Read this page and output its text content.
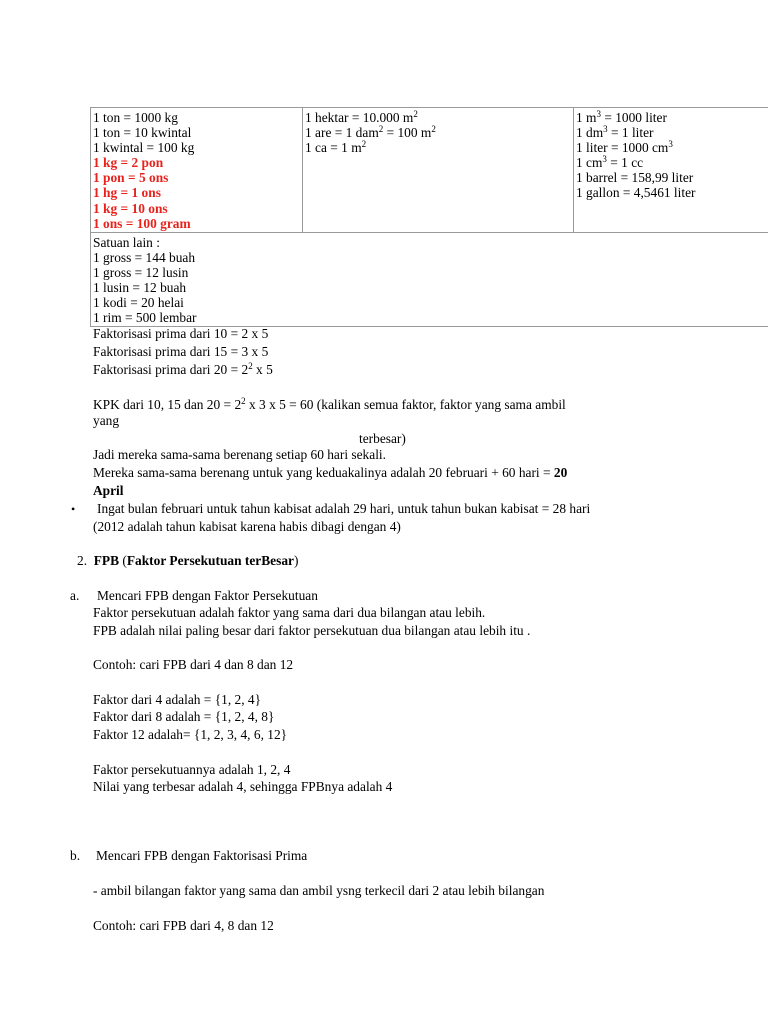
1 ton = 1000 kg
1 ton = 10 kwintal
1 kwintal = 100 kg
1 kg = 2 pon
1 pon = 5 ons
1 hg = 1 ons
1 kg = 10 ons
1 ons = 100 gram

1 hektar = 10.000 $m^2$
1 are = 1 dam$^2$ = 100 $m^2$
1 ca = 1 $m^2$

1 $m^3 = 1000$ liter
1 $dm^3 = 1$ liter
1 liter = 1000 $cm^3$
1 $cm^3 = 1$ cc
1 barrel = 158,99 liter
1 gallon = 4,5461 liter

Satuan lain :
1 gross = 144 buah
1 gross = 12 lusin
1 lusin = 12 buah
1 kodi = 20 helai
1 rim = 500 lembar
Faktorisasi prima dari 10 = 2 x 5
Faktorisasi prima dari 15 = 3 x 5
Faktorisasi prima dari $20 = 2^2$ x 5
KPK dari 10, 15 dan $20 = 2^2$ x 3 x 5 = 60 (kalikan semua faktor, faktor yang sama ambil
yang
terbesar)
Jadi mereka sama-sama berenang setiap 60 hari sekali.
Mereka sama-sama berenang untuk yang keduakalinya adalah 20 februari + 60 hari = 20
April
• Ingat bulan februari untuk tahun kabisat adalah 29 hari, untuk tahun bukan kabisat = 28 hari
(2012 adalah tahun kabisat karena habis dibagi dengan 4)
2. FPB (Faktor Persekutuan terBesar)
a. Mencari FPB dengan Faktor Persekutuan
Faktor persekutuan adalah faktor yang sama dari dua bilangan atau lebih.
FPB adalah nilai paling besar dari faktor persekutuan dua bilangan atau lebih itu .
Contoh: cari FPB dari 4 dan 8 dan 12
Faktor dari 4 adalah = {1, 2, 4}
Faktor dari 8 adalah = {1, 2, 4, 8}
Faktor 12 adalah= {1, 2, 3, 4, 6, 12}
Faktor persekutuannya adalah 1, 2, 4
Nilai yang terbesar adalah 4, sehingga FPBnya adalah 4
b. Mencari FPB dengan Faktorisasi Prima
- ambil bilangan faktor yang sama dan ambil ysng terkecil dari 2 atau lebih bilangan
Contoh: cari FPB dari 4, 8 dan 12
